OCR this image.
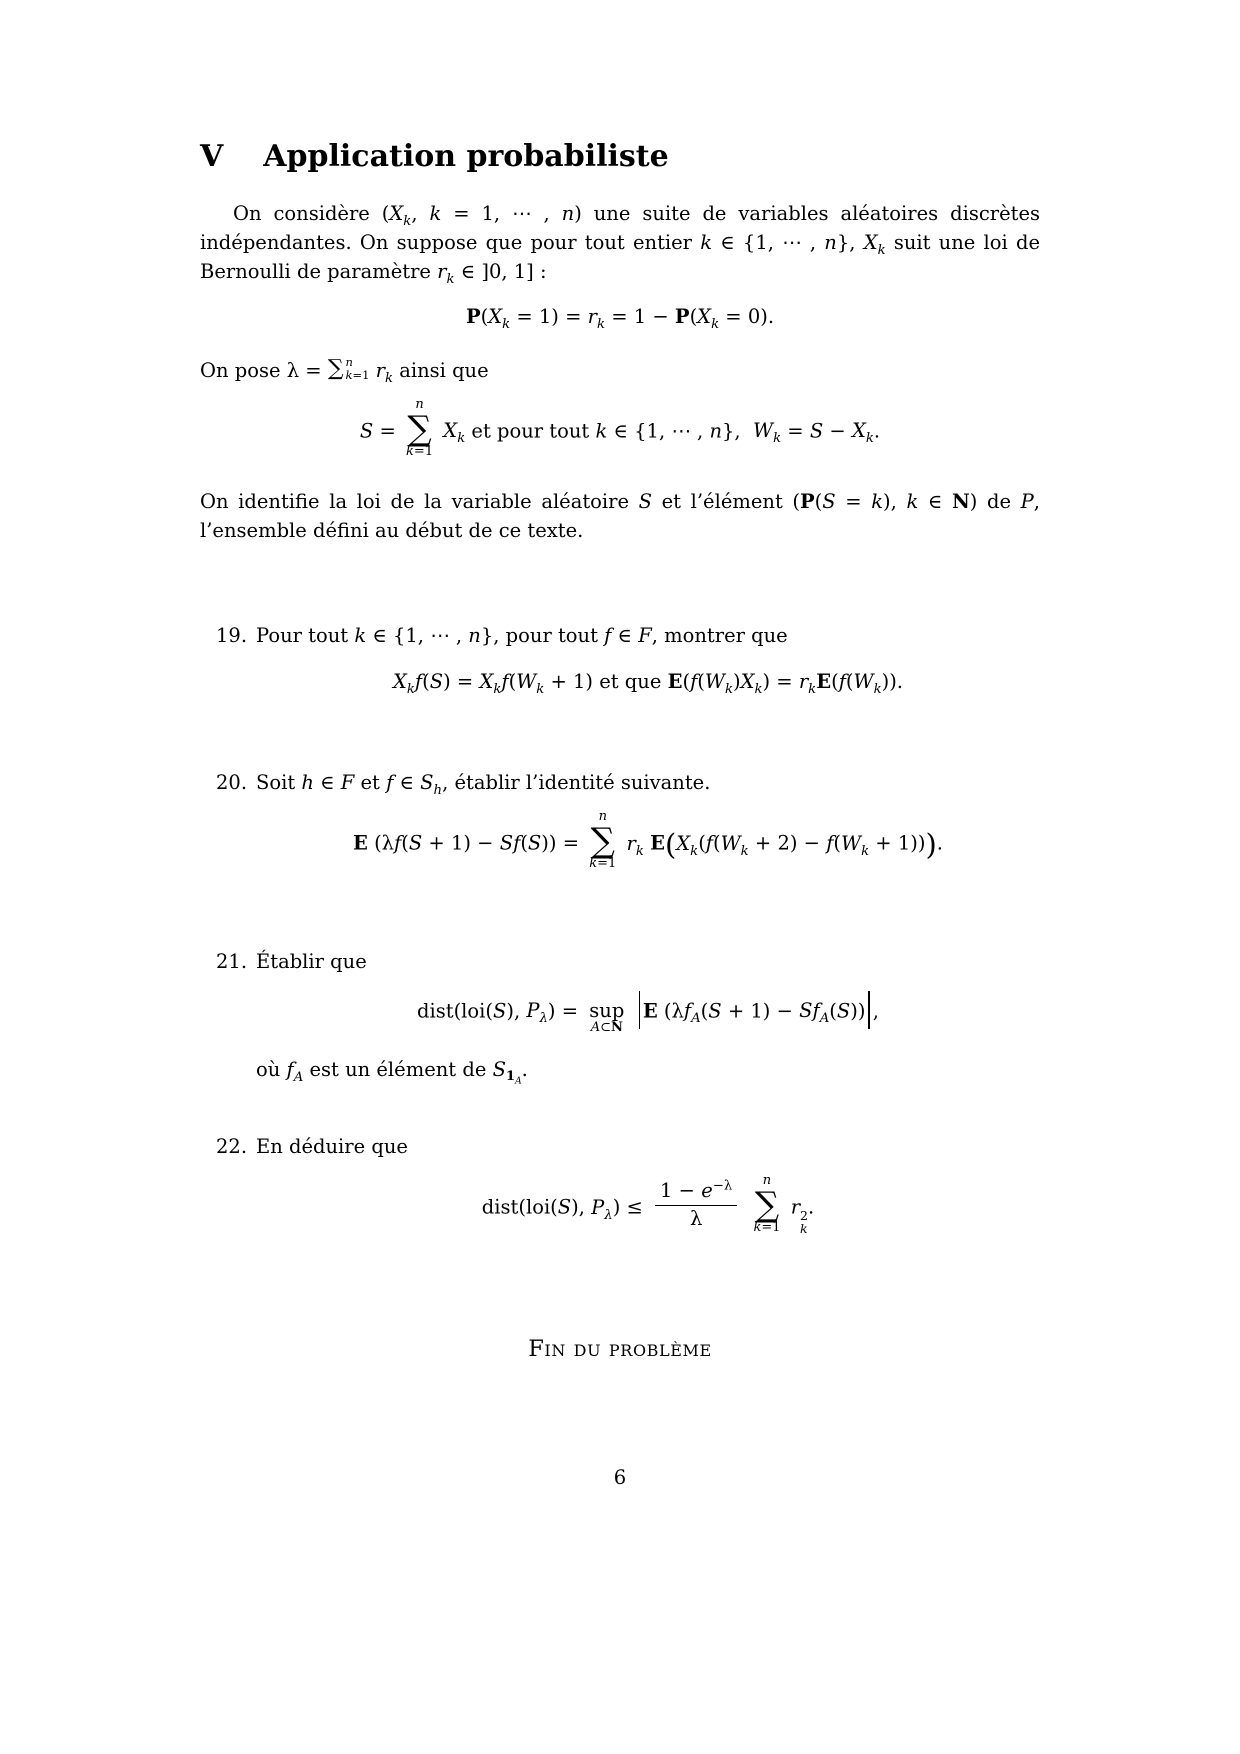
V Application probabiliste

On considère ($X_k$, k = 1, ⋯ , n) une suite de variables aléatoires discrètes indépendantes. On suppose que pour tout entier k ∈ {1, ⋯ , n}, $X_k$ suit une loi de Bernoulli de paramètre $r_k$ ∈ ]0, 1] :

$P(X_k = 1) = r_k = 1 - P(X_k = 0)$.

On pose λ = ∑ n
k=1 $r_k$ ainsi que

S =
n
∑
k=1
$X_k$ et pour tout k ∈ {1, ⋯ , n},  $W_k = S - X_k$.

On identifie la loi de la variable aléatoire S et l’élément (P(S = k), k ∈ N) de P, l’ensemble défini au début de ce texte.

19. Pour tout k ∈ {1, ⋯ , n}, pour tout f ∈ F, montrer que

$X_kf(S) = X_kf(W_k + 1)$ et que $E(f(W_k)X_k) = r_kE(f(W_k))$.
20. Soit h ∈ F et f ∈ $S_h$, établir l’identité suivante.

E (λf(S + 1) − Sf(S)) =
n
∑
k=1
$r_k$ $E(X_k(f(W_k + 2) - f(W_k + 1)))$.
21. Établir que

dist(loi(S), $P_\lambda$) = sup
A⊂N
E $(\lambda f_A(S + 1) - Sf_A(S))$ ,

où $f_A$ est un élément de $S_{1_A}$.

22. En déduire que

dist(loi(S), $P_\lambda) \le \frac{1 - e^{-\lambda}}{\lambda}$
n
∑
k=1
r 2
k
.
Fin du problème
6
